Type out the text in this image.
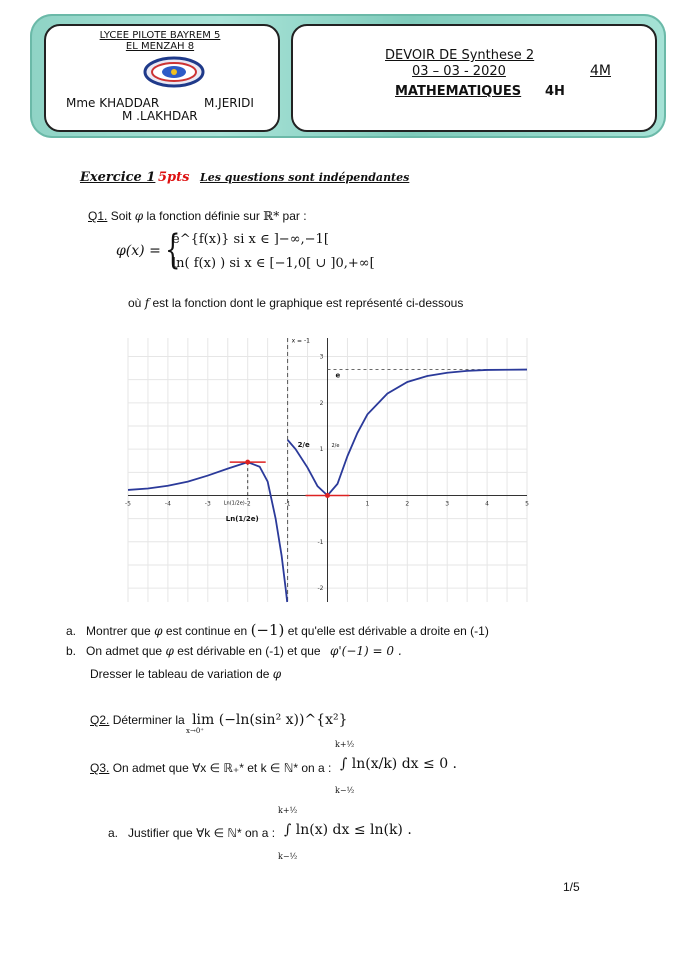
LYCEE PILOTE BAYREM 5
EL MENZAH 8
Mme KHADDAR	M.JERIDI
M .LAKHDAR
DEVOIR DE Synthese 2
03 – 03 - 2020	4M
MATHEMATIQUES 4H
Exercice 1 5pts Les questions sont indépendantes
Q1. Soit φ la fonction définie sur ℝ* par :
φ(x) = {
e^{f(x)} si x ∈ ]−∞,−1[
ln( f(x) ) si x ∈ [−1,0[ ∪ ]0,+∞[
où f est la fonction dont le graphique est représenté ci-dessous
-5	-4	-3	-2	-1	1	2	3	4	5
-2
-1
1
2
3
x = -1
e
2/e
Ln(1/2e)
2/e
Ln(1/2e)
a. Montrer que φ est continue en (−1) et qu'elle est dérivable a droite en (-1)
b. On admet que φ est dérivable en (-1) et que φ'(−1) = 0 .
Dresser le tableau de variation de φ
Q2. Déterminer la lim (−ln(sin² x))^{x²}
x→0⁺
Q3. On admet que ∀x ∈ ℝ₊* et k ∈ ℕ* on a :
k+½
k−½
∫ ln(x/k) dx ≤ 0 .
a. Justifier que ∀k ∈ ℕ* on a :
k+½
k−½
∫ ln(x) dx ≤ ln(k) .
1/5
